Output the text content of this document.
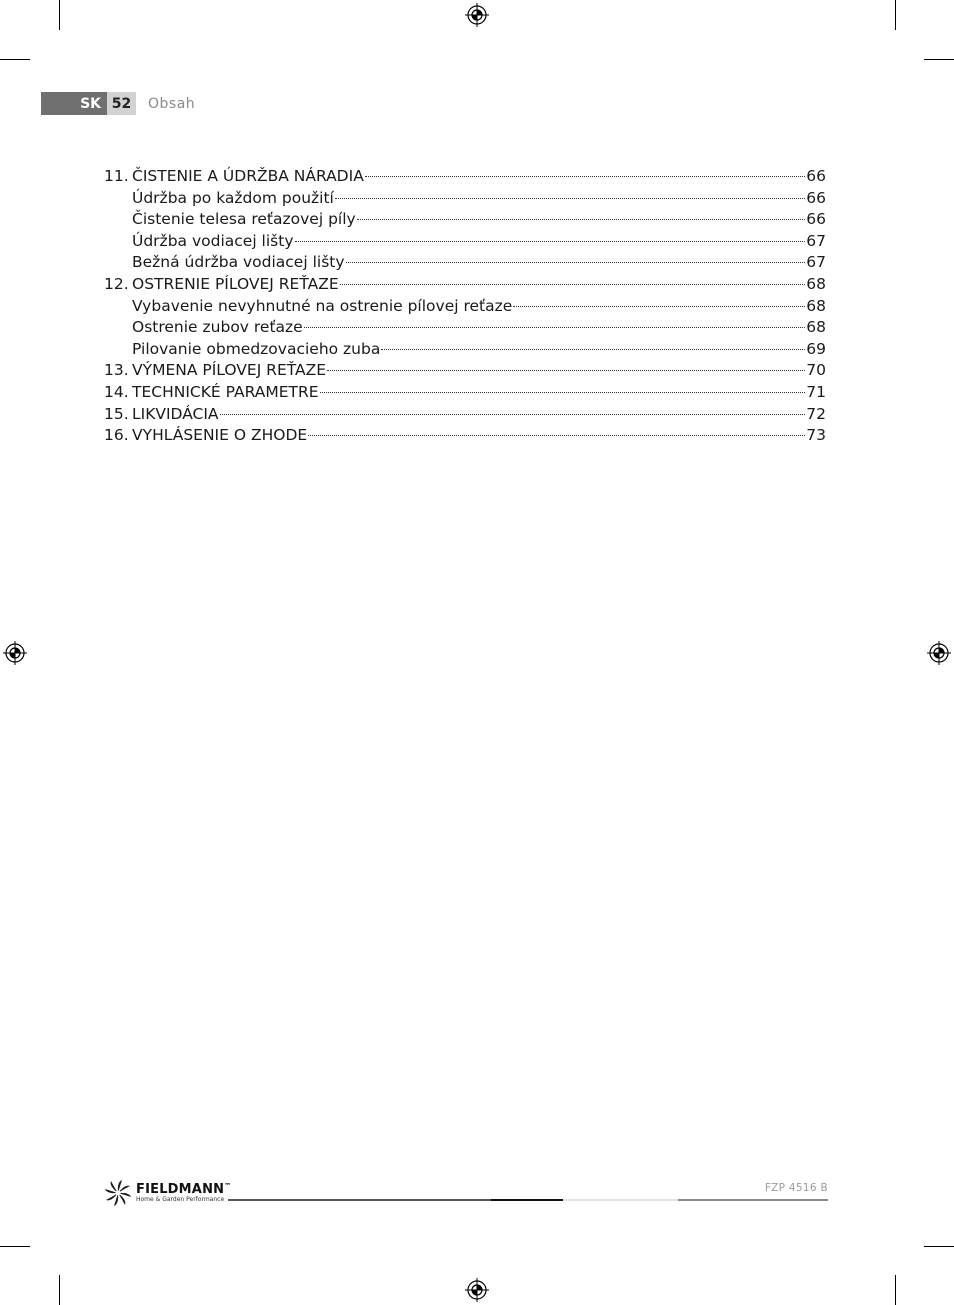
SK 52	Obsah
11. ČISTENIE A ÚDRŽBA NÁRADIA	66
Údržba po každom použití	66
Čistenie telesa reťazovej píly	66
Údržba vodiacej lišty	67
Bežná údržba vodiacej lišty	67
12. OSTRENIE PÍLOVEJ REŤAZE	68
Vybavenie nevyhnutné na ostrenie pílovej reťaze	68
Ostrenie zubov reťaze	68
Pilovanie obmedzovacieho zuba	69
13. VÝMENA PÍLOVEJ REŤAZE	70
14. TECHNICKÉ PARAMETRE	71
15. LIKVIDÁCIA	72
16. VYHLÁSENIE O ZHODE	73
FIELDMANN™
Home & Garden Performance
FZP 4516 B
